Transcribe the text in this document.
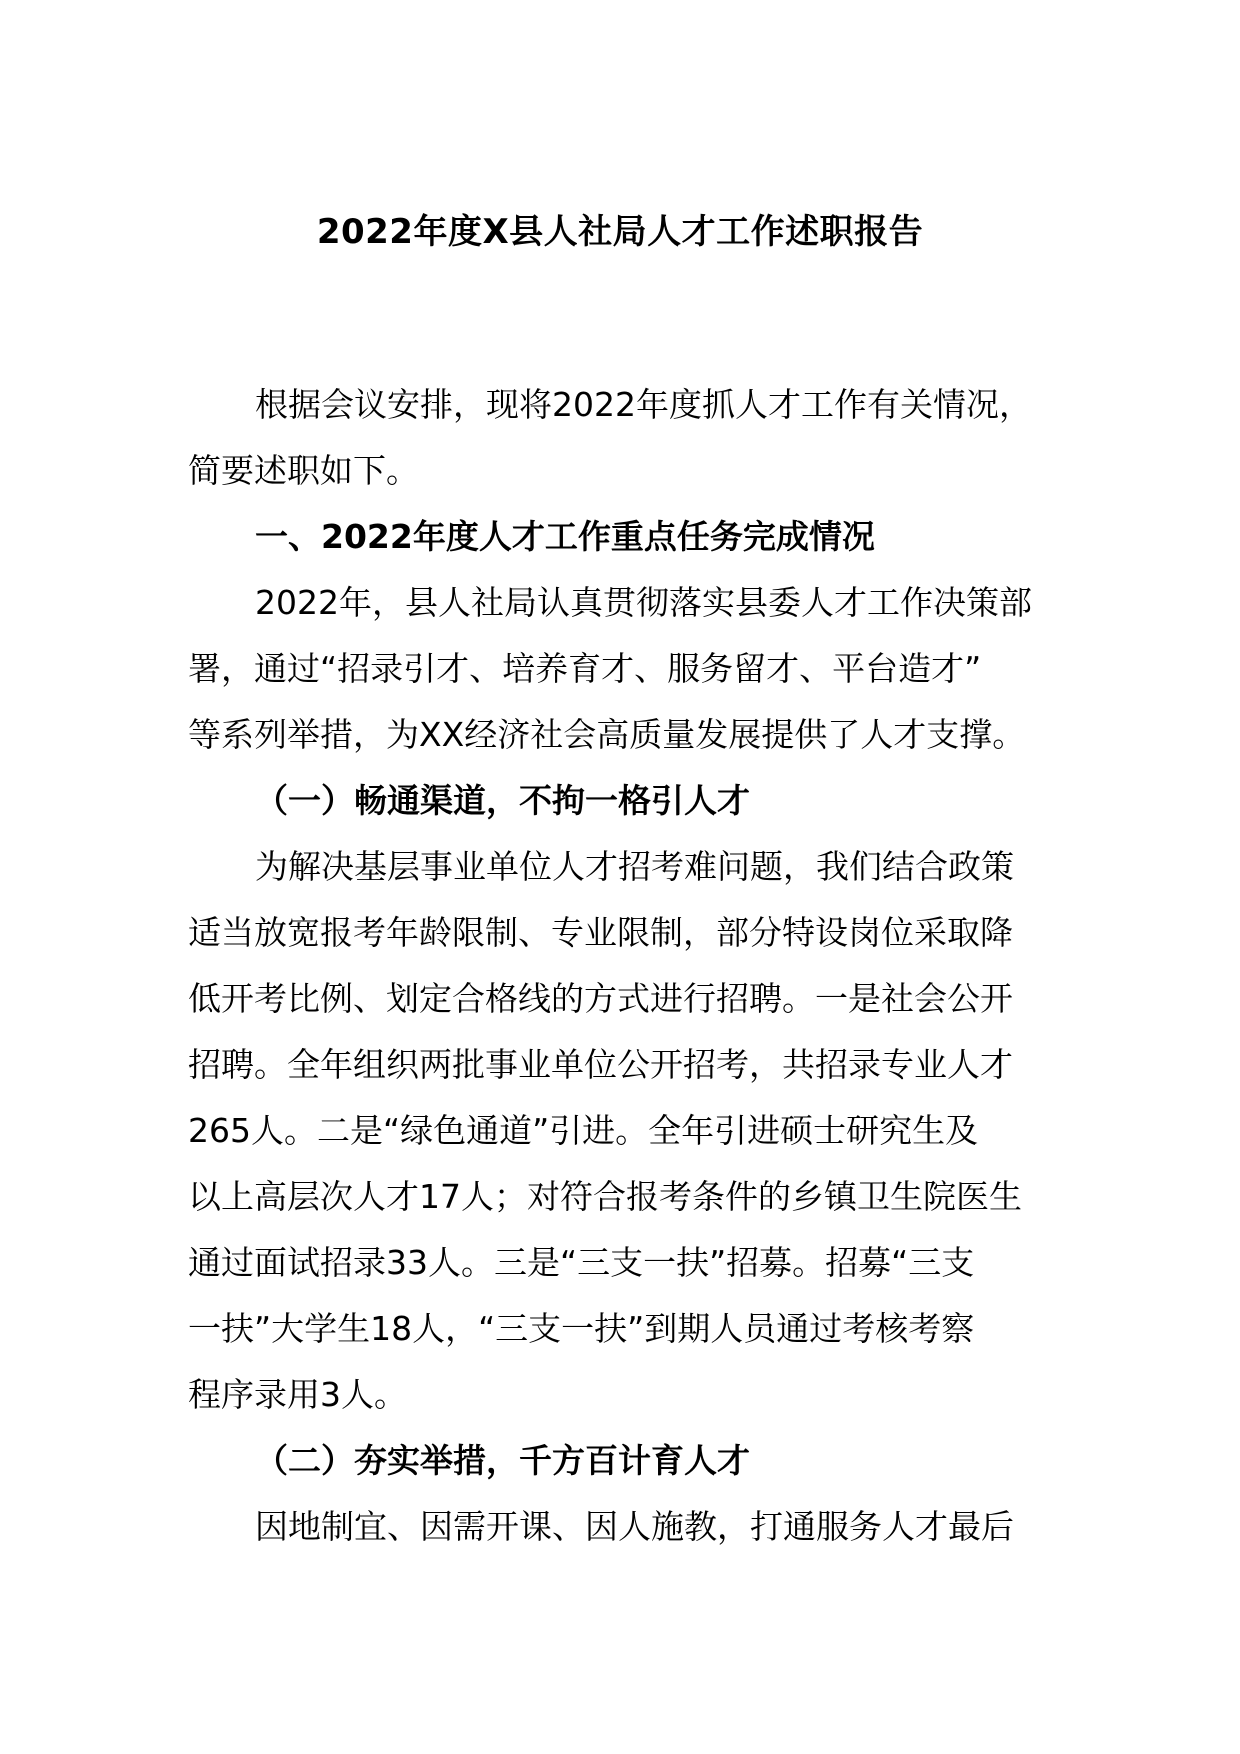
2022年度X县人社局人才工作述职报告
根据会议安排，现将2022年度抓人才工作有关情况，
简要述职如下。
一、2022年度人才工作重点任务完成情况
2022年，县人社局认真贯彻落实县委人才工作决策部
署，通过“招录引才、培养育才、服务留才、平台造才”
等系列举措，为XX经济社会高质量发展提供了人才支撑。
（一）畅通渠道，不拘一格引人才
为解决基层事业单位人才招考难问题，我们结合政策
适当放宽报考年龄限制、专业限制，部分特设岗位采取降
低开考比例、划定合格线的方式进行招聘。一是社会公开
招聘。全年组织两批事业单位公开招考，共招录专业人才
265人。二是“绿色通道”引进。全年引进硕士研究生及
以上高层次人才17人；对符合报考条件的乡镇卫生院医生
通过面试招录33人。三是“三支一扶”招募。招募“三支
一扶”大学生18人，“三支一扶”到期人员通过考核考察
程序录用3人。
（二）夯实举措，千方百计育人才
因地制宜、因需开课、因人施教，打通服务人才最后
